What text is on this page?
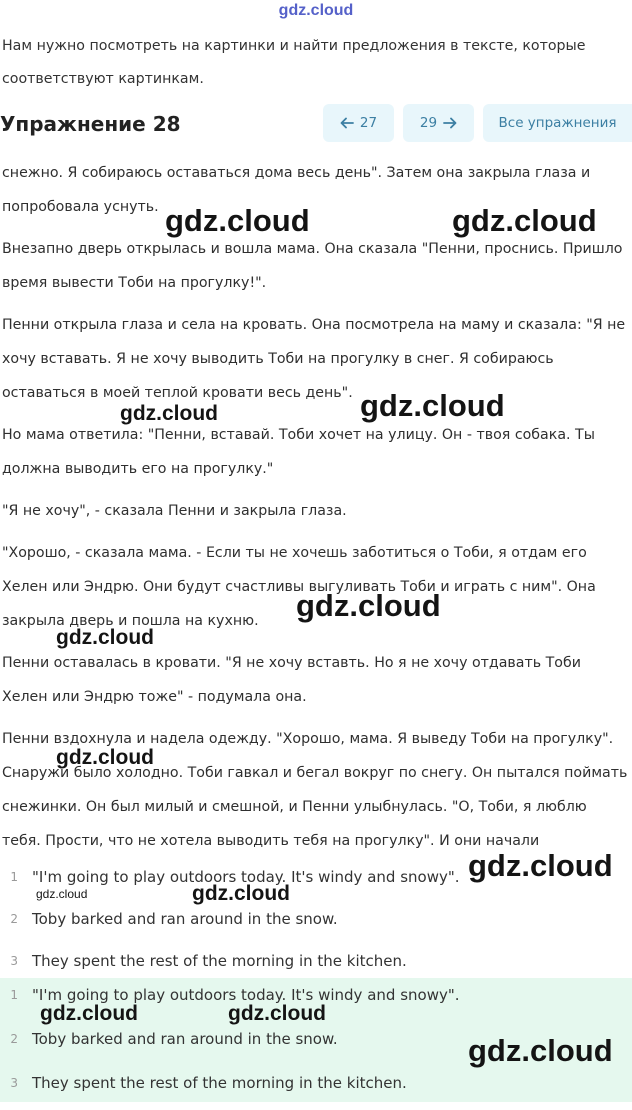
gdz.cloud
Нам нужно посмотреть на картинки и найти предложения в тексте, которые соответствуют картинкам.
Упражнение 28	27	29	Все упражнения

снежно. Я собираюсь оставаться дома весь день". Затем она закрыла глаза и попробовала уснуть.

Внезапно дверь открылась и вошла мама. Она сказала "Пенни, проснись. Пришло время вывести Тоби на прогулку!".

Пенни открыла глаза и села на кровать. Она посмотрела на маму и сказала: "Я не хочу вставать. Я не хочу выводить Тоби на прогулку в снег. Я собираюсь оставаться в моей теплой кровати весь день".

Но мама ответила: "Пенни, вставай. Тоби хочет на улицу. Он - твоя собака. Ты должна выводить его на прогулку."

"Я не хочу", - сказала Пенни и закрыла глаза.

"Хорошо, - сказала мама. - Если ты не хочешь заботиться о Тоби, я отдам его Хелен или Эндрю. Они будут счастливы выгуливать Тоби и играть с ним". Она закрыла дверь и пошла на кухню.

Пенни оставалась в кровати. "Я не хочу вставть. Но я не хочу отдавать Тоби Хелен или Эндрю тоже" - подумала она.

Пенни вздохнула и надела одежду. "Хорошо, мама. Я выведу Тоби на прогулку". Снаружи было холодно. Тоби гавкал и бегал вокруг по снегу. Он пытался поймать снежинки. Он был милый и смешной, и Пенни улыбнулась. "О, Тоби, я люблю тебя. Прости, что не хотела выводить тебя на прогулку". И они начали

1 "I'm going to play outdoors today. It's windy and snowy".
2 Toby barked and ran around in the snow.
3 They spent the rest of the morning in the kitchen.
1 "I'm going to play outdoors today. It's windy and snowy".
2 Toby barked and ran around in the snow.
3 They spent the rest of the morning in the kitchen.
gdz.cloud	gdz.cloud
gdz.cloud	gdz.cloud
gdz.cloud
gdz.cloud
gdz.cloud
gdz.cloud
gdz.cloud	gdz.cloud
gdz.cloud	gdz.cloud
gdz.cloud
